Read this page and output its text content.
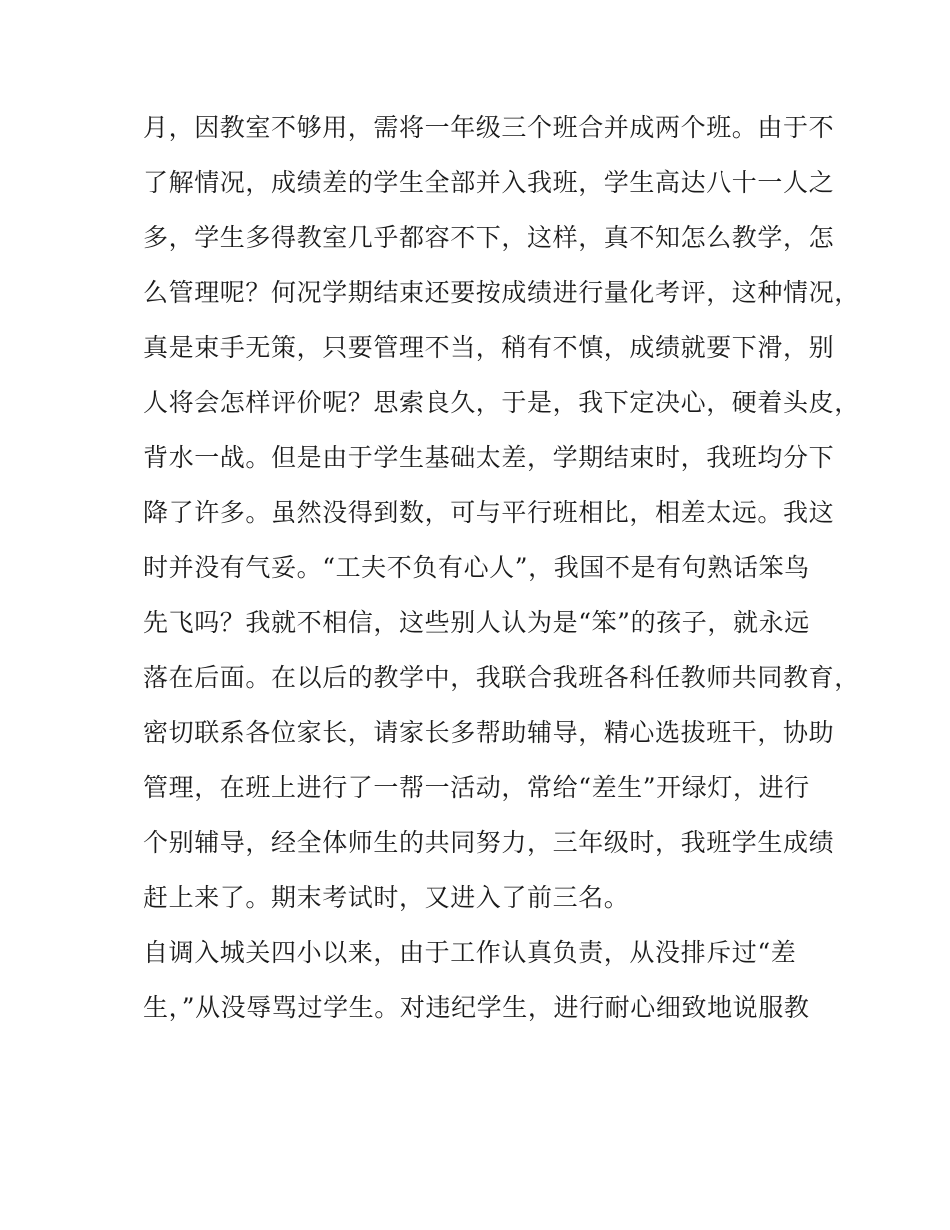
月，因教室不够用，需将一年级三个班合并成两个班。由于不
了解情况，成绩差的学生全部并入我班，学生高达八十一人之
多，学生多得教室几乎都容不下，这样，真不知怎么教学，怎
么管理呢？何况学期结束还要按成绩进行量化考评，这种情况，
真是束手无策，只要管理不当，稍有不慎，成绩就要下滑，别
人将会怎样评价呢？思索良久，于是，我下定决心，硬着头皮，
背水一战。但是由于学生基础太差，学期结束时，我班均分下
降了许多。虽然没得到数，可与平行班相比，相差太远。我这
时并没有气妥。“工夫不负有心人”，我国不是有句熟话笨鸟
先飞吗？我就不相信，这些别人认为是“笨”的孩子，就永远
落在后面。在以后的教学中，我联合我班各科任教师共同教育，
密切联系各位家长，请家长多帮助辅导，精心选拔班干，协助
管理，在班上进行了一帮一活动，常给“差生”开绿灯，进行
个别辅导，经全体师生的共同努力，三年级时，我班学生成绩
赶上来了。期末考试时，又进入了前三名。
自调入城关四小以来，由于工作认真负责，从没排斥过“差
生，”从没辱骂过学生。对违纪学生，进行耐心细致地说服教
